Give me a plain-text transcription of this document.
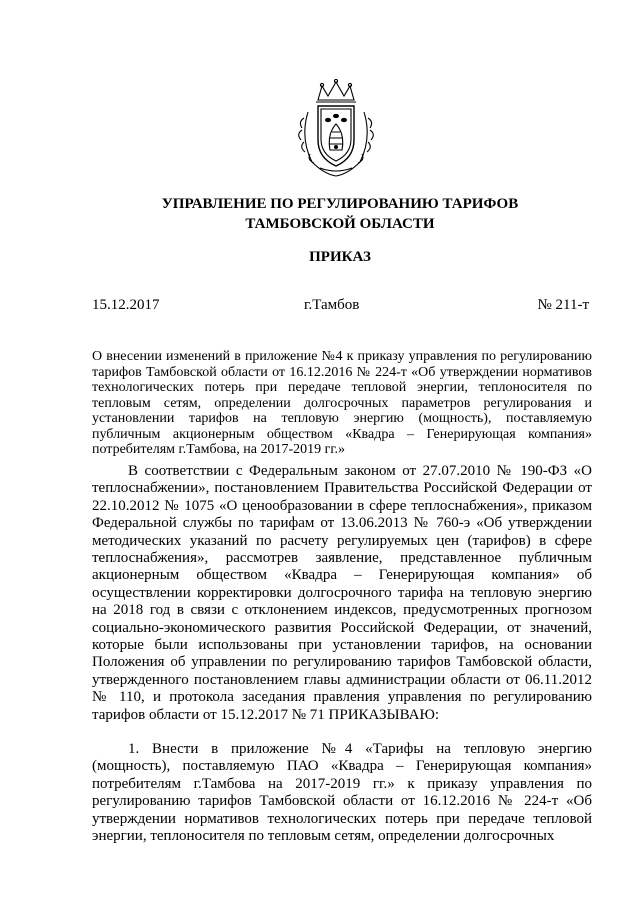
УПРАВЛЕНИЕ ПО РЕГУЛИРОВАНИЮ ТАРИФОВ
ТАМБОВСКОЙ ОБЛАСТИ
ПРИКАЗ
15.12.2017	г.Тамбов	№ 211-т
О внесении изменений в приложение №4 к приказу управления по регулированию тарифов Тамбовской области от 16.12.2016 № 224-т «Об утверждении нормативов технологических потерь при передаче тепловой энергии, теплоносителя по тепловым сетям, определении долгосрочных параметров регулирования и установлении тарифов на тепловую энергию (мощность), поставляемую публичным акционерным обществом «Квадра – Генерирующая компания» потребителям г.Тамбова, на 2017-2019 гг.»
В соответствии с Федеральным законом от 27.07.2010 № 190-ФЗ «О теплоснабжении», постановлением Правительства Российской Федерации от 22.10.2012 № 1075 «О ценообразовании в сфере теплоснабжения», приказом Федеральной службы по тарифам от 13.06.2013 № 760-э «Об утверждении методических указаний по расчету регулируемых цен (тарифов) в сфере теплоснабжения», рассмотрев заявление, представленное публичным акционерным обществом «Квадра – Генерирующая компания» об осуществлении корректировки долгосрочного тарифа на тепловую энергию на 2018 год в связи с отклонением индексов, предусмотренных прогнозом социально-экономического развития Российской Федерации, от значений, которые были использованы при установлении тарифов, на основании Положения об управлении по регулированию тарифов Тамбовской области, утвержденного постановлением главы администрации области от 06.11.2012 № 110, и протокола заседания правления управления по регулированию тарифов области от 15.12.2017 № 71 ПРИКАЗЫВАЮ:
1. Внести в приложение №4 «Тарифы на тепловую энергию (мощность), поставляемую ПАО «Квадра – Генерирующая компания» потребителям г.Тамбова на 2017-2019 гг.» к приказу управления по регулированию тарифов Тамбовской области от 16.12.2016 № 224-т «Об утверждении нормативов технологических потерь при передаче тепловой энергии, теплоносителя по тепловым сетям, определении долгосрочных
